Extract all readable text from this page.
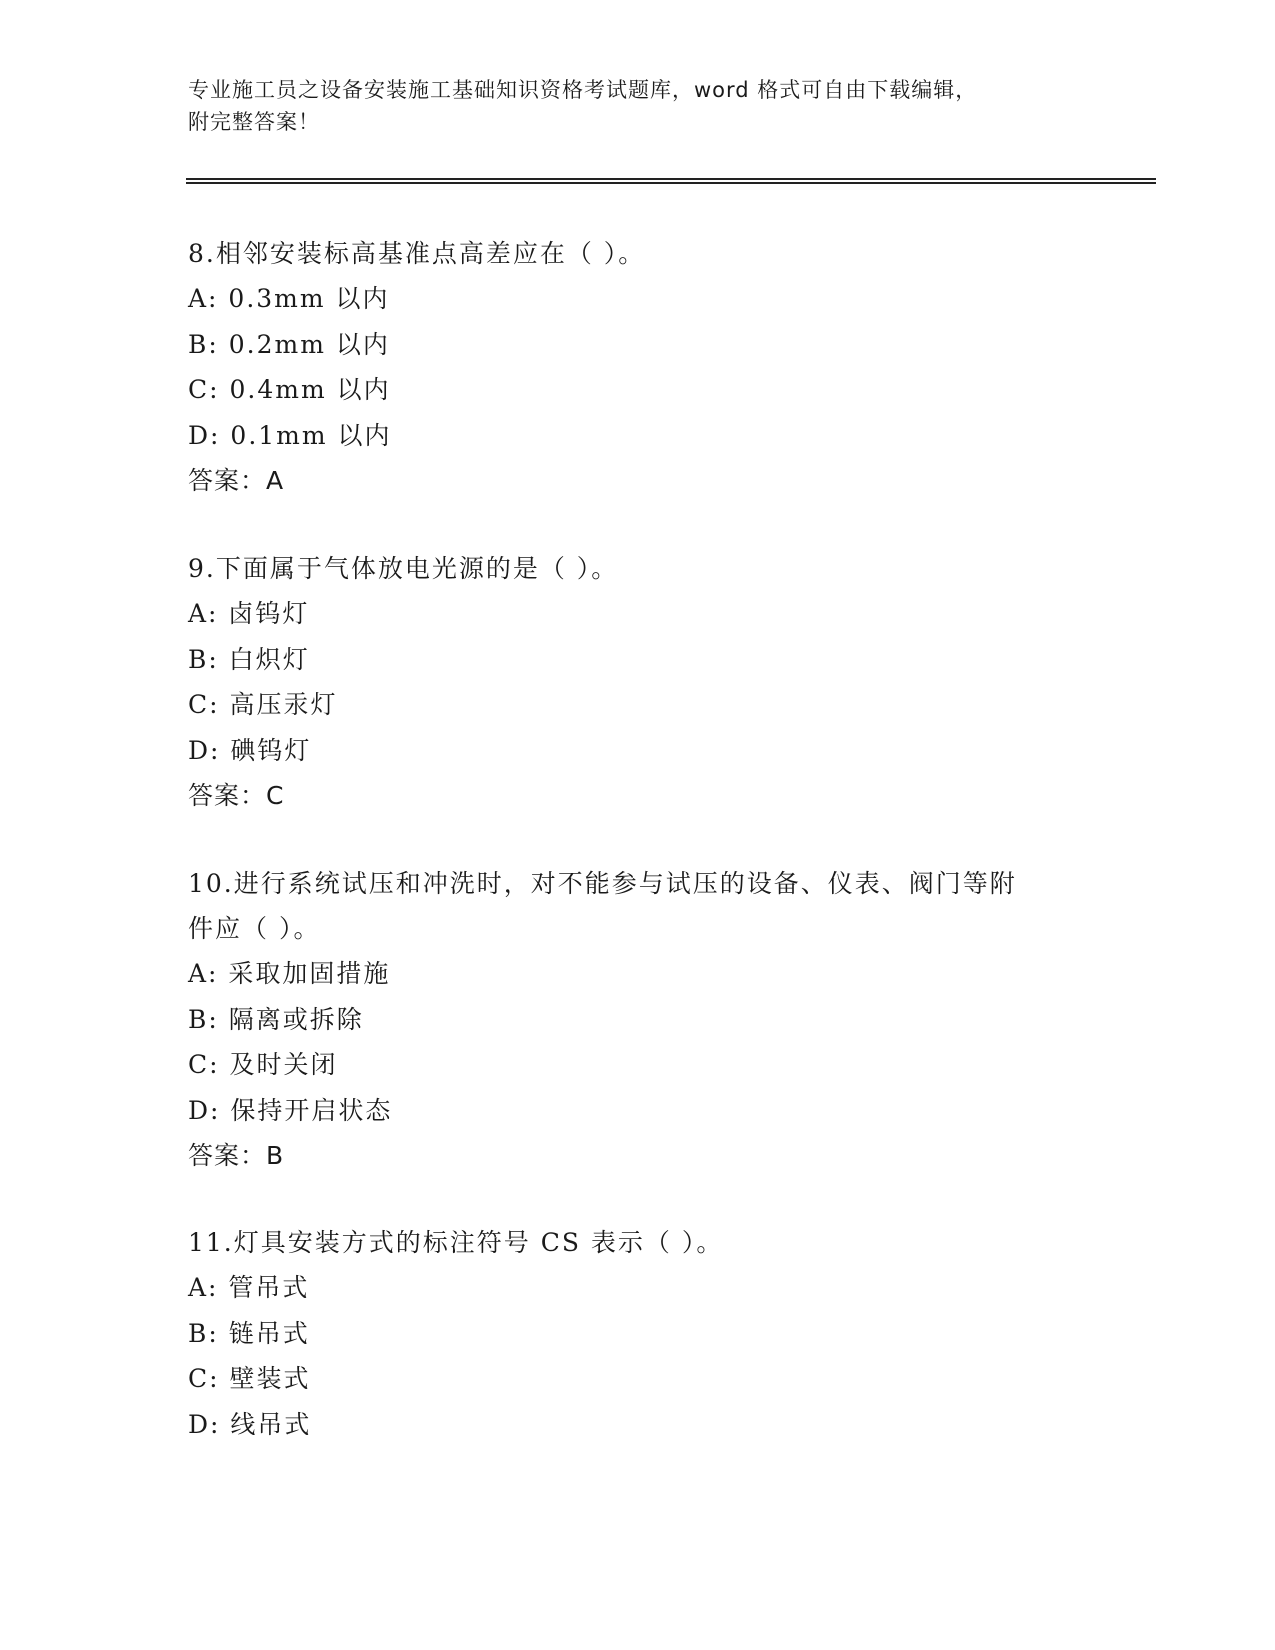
专业施工员之设备安装施工基础知识资格考试题库，word 格式可自由下载编辑，
附完整答案！

8.相邻安装标高基准点高差应在（ ）。

A: 0.3mm 以内

B: 0.2mm 以内

C: 0.4mm 以内

D: 0.1mm 以内

答案：A

9.下面属于气体放电光源的是（ ）。

A: 卤钨灯

B: 白炽灯

C: 高压汞灯

D: 碘钨灯

答案：C

10.进行系统试压和冲洗时，对不能参与试压的设备、仪表、阀门等附

件应（ ）。

A: 采取加固措施

B: 隔离或拆除

C: 及时关闭

D: 保持开启状态

答案：B

11.灯具安装方式的标注符号 CS 表示（ ）。

A: 管吊式

B: 链吊式

C: 壁装式

D: 线吊式
